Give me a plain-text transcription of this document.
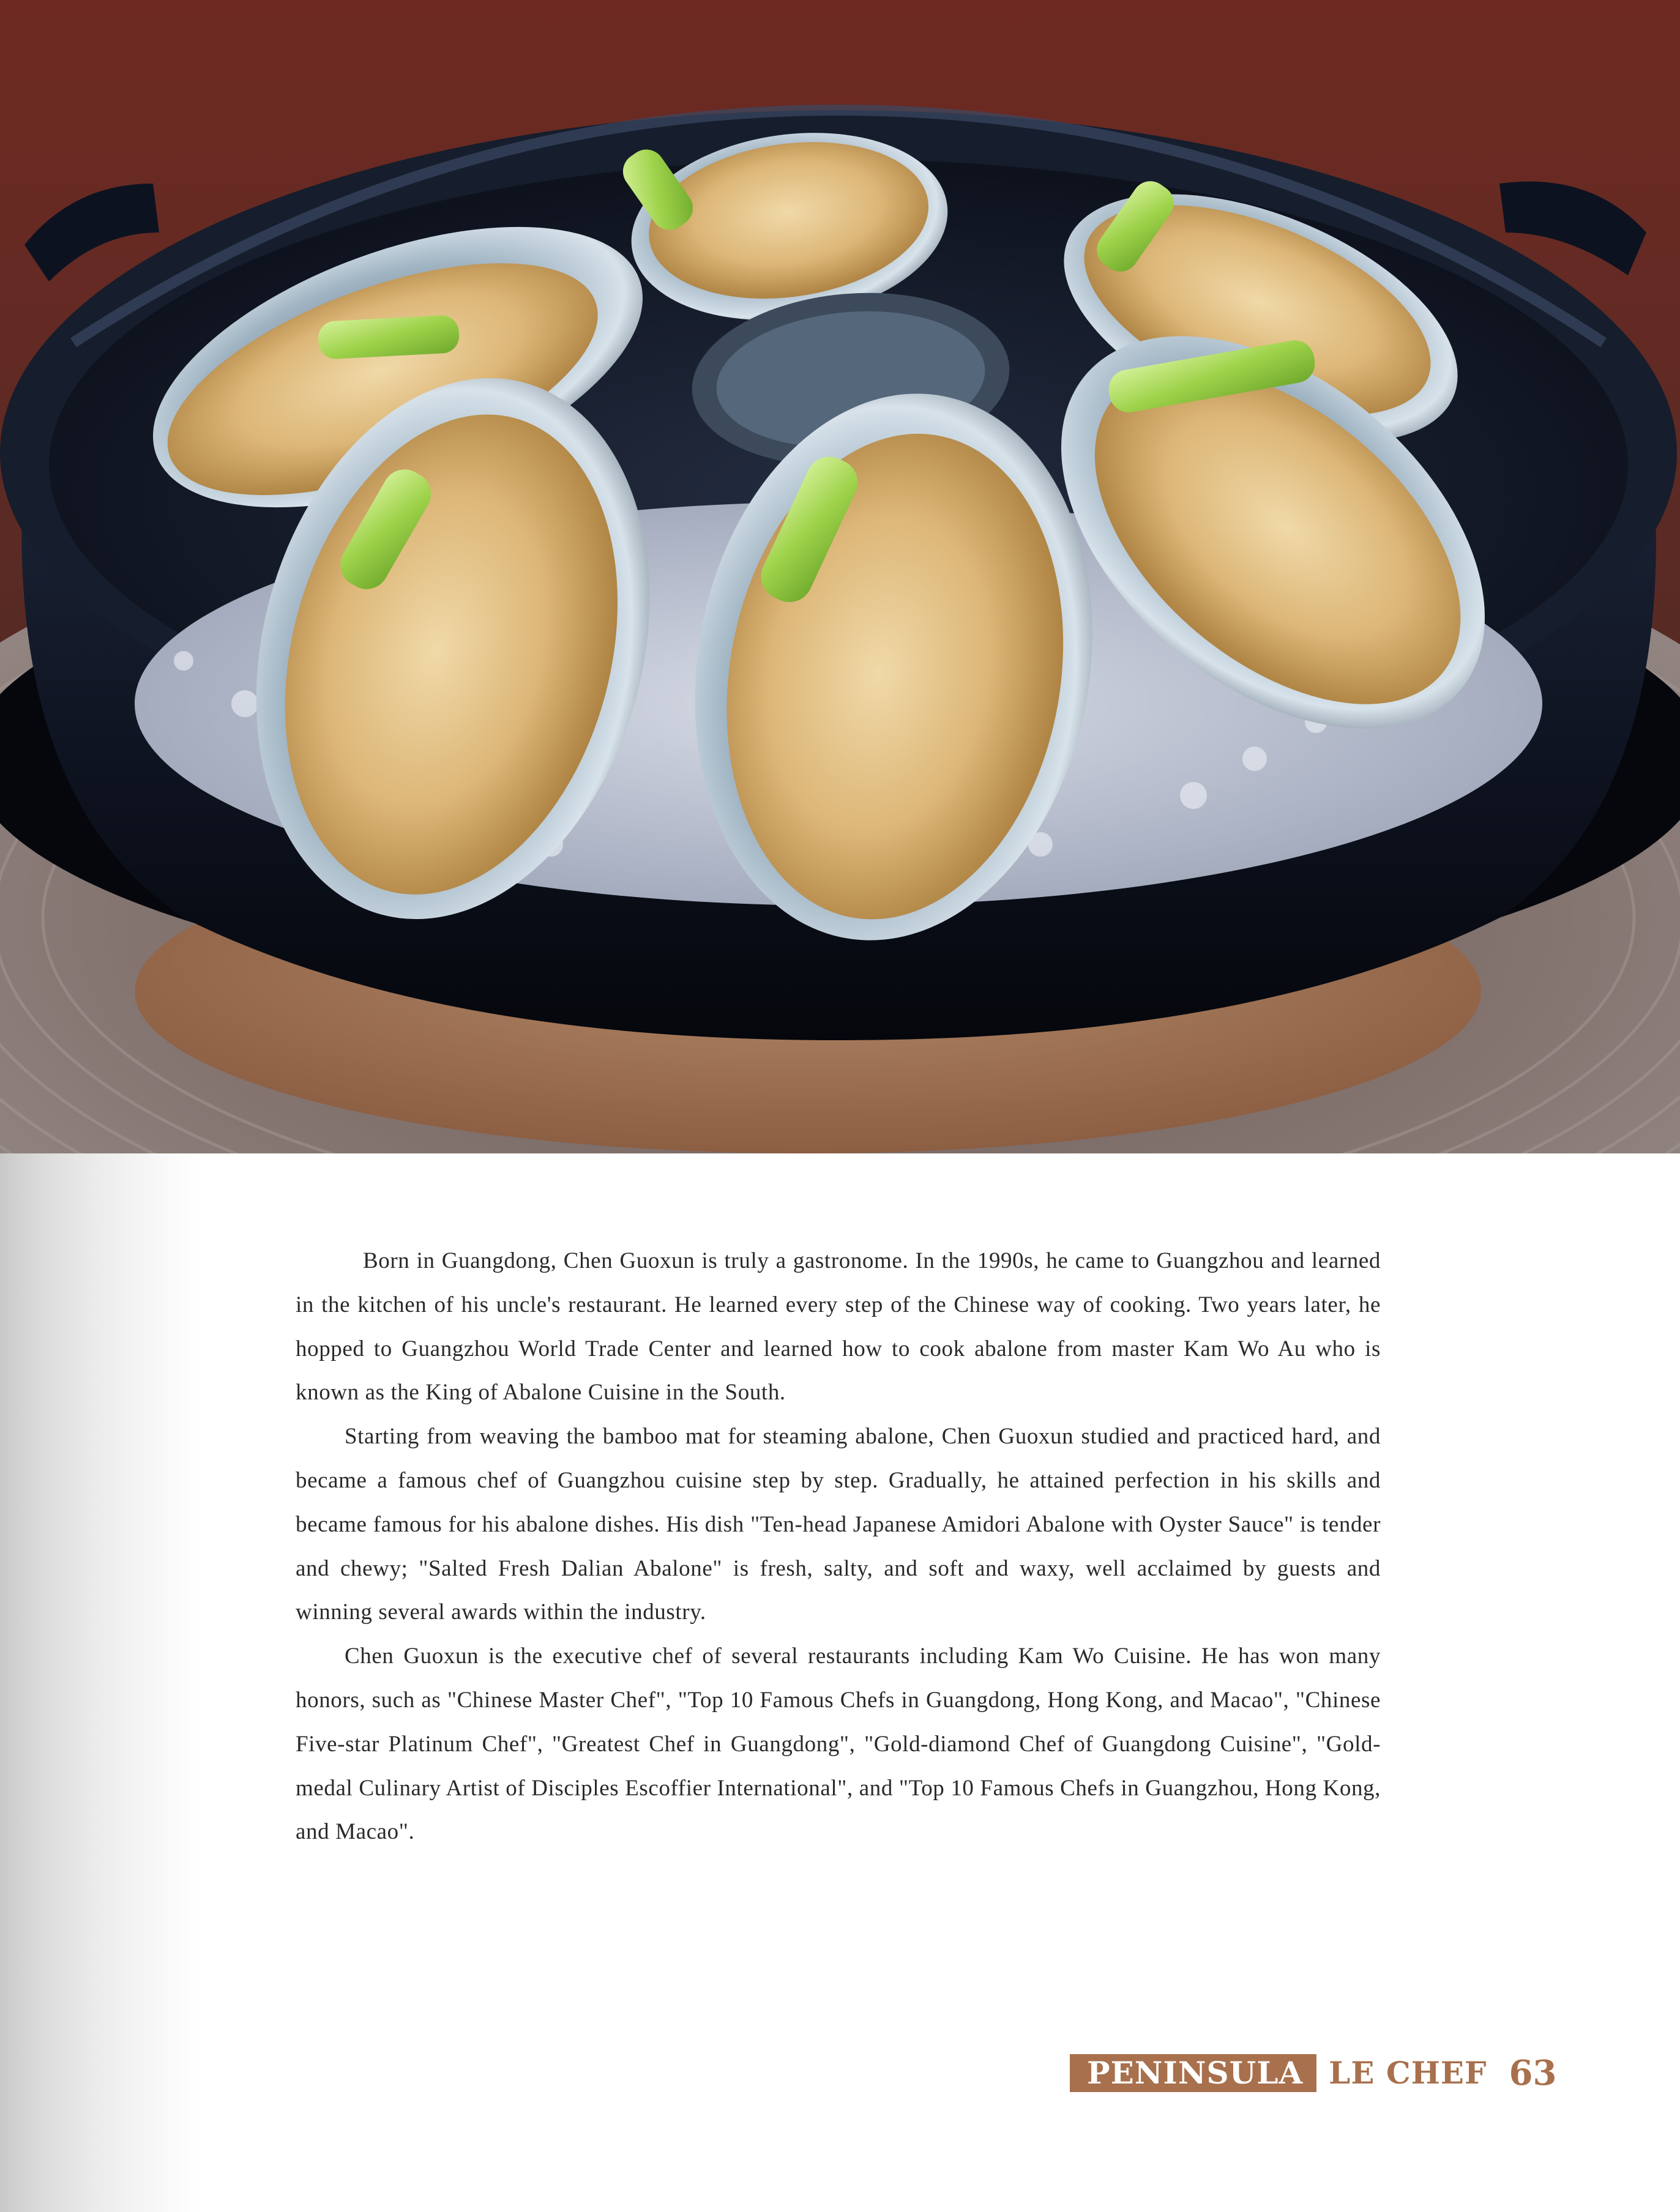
Born in Guangdong, Chen Guoxun is truly a gastronome. In the 1990s, he came to Guangzhou and learned in the kitchen of his uncle's restaurant. He learned every step of the Chinese way of cooking. Two years later, he hopped to Guangzhou World Trade Center and learned how to cook abalone from master Kam Wo Au who is known as the King of Abalone Cuisine in the South.

Starting from weaving the bamboo mat for steaming abalone, Chen Guoxun studied and practiced hard, and became a famous chef of Guangzhou cuisine step by step. Gradually, he attained perfection in his skills and became famous for his abalone dishes. His dish "Ten-head Japanese Amidori Abalone with Oyster Sauce" is tender and chewy; "Salted Fresh Dalian Abalone" is fresh, salty, and soft and waxy, well acclaimed by guests and winning several awards within the industry.

Chen Guoxun is the executive chef of several restaurants including Kam Wo Cuisine. He has won many honors, such as "Chinese Master Chef", "Top 10 Famous Chefs in Guangdong, Hong Kong, and Macao", "Chinese Five-star Platinum Chef", "Greatest Chef in Guangdong", "Gold-diamond Chef of Guangdong Cuisine", "Gold-medal Culinary Artist of Disciples Escoffier International", and "Top 10 Famous Chefs in Guangzhou, Hong Kong, and Macao".

PENINSULA LE CHEF 63
